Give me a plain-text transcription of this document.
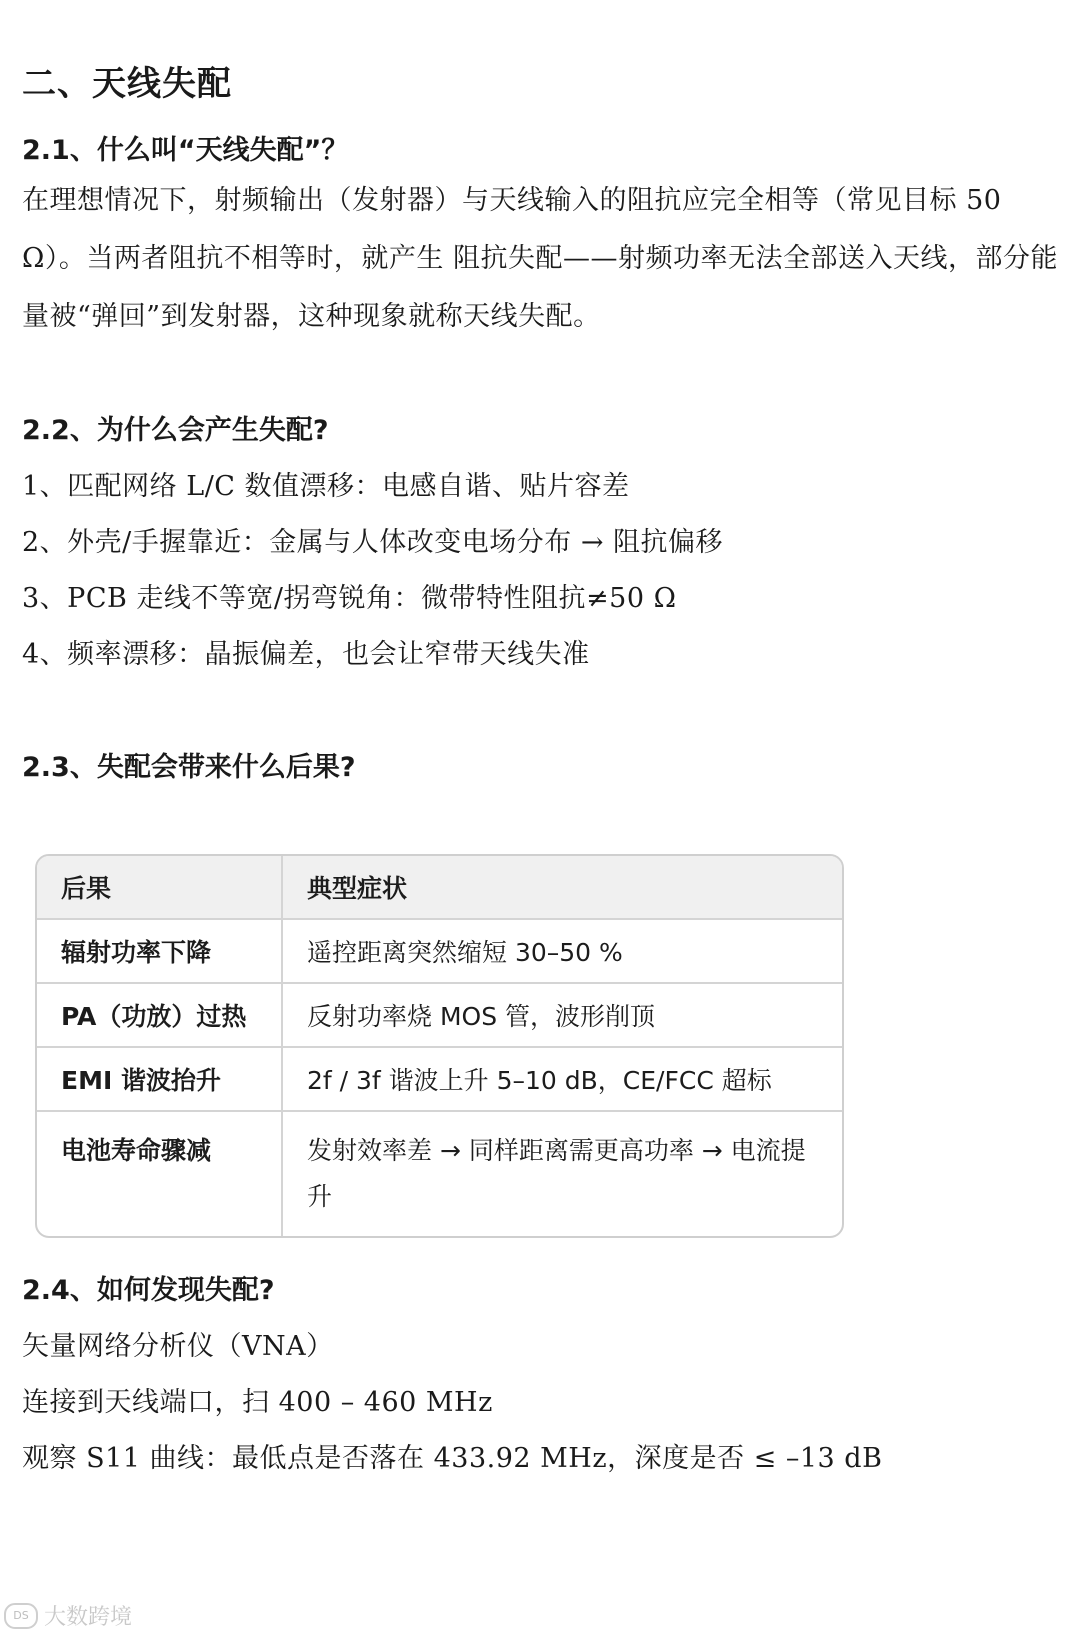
二、天线失配
2.1、什么叫“天线失配”？
在理想情况下，射频输出（发射器）与天线输入的阻抗应完全相等（常见目标 50 Ω）。当两者阻抗不相等时，就产生 阻抗失配——射频功率无法全部送入天线，部分能量被“弹回”到发射器，这种现象就称天线失配。
2.2、为什么会产生失配?
1、匹配网络 L/C 数值漂移：电感自谐、贴片容差
2、外壳/手握靠近：金属与人体改变电场分布 → 阻抗偏移
3、PCB 走线不等宽/拐弯锐角：微带特性阻抗≠50 Ω
4、频率漂移：晶振偏差，也会让窄带天线失准
2.3、失配会带来什么后果?
后果	典型症状
辐射功率下降	遥控距离突然缩短 30–50 %
PA（功放）过热	反射功率烧 MOS 管，波形削顶
EMI 谐波抬升	2f / 3f 谐波上升 5–10 dB，CE/FCC 超标
电池寿命骤减	发射效率差 → 同样距离需更高功率 → 电流提升
2.4、如何发现失配?
矢量网络分析仪（VNA）
连接到天线端口，扫 400 – 460 MHz
观察 S11 曲线：最低点是否落在 433.92 MHz，深度是否 ≤ –13 dB
DS 大数跨境
